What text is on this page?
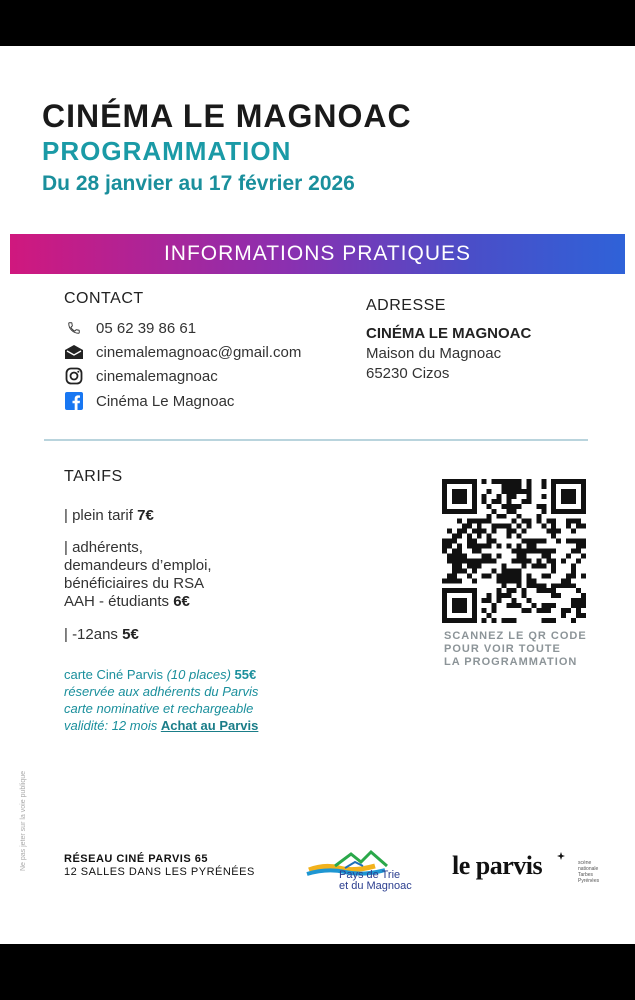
CINÉMA LE MAGNOAC
PROGRAMMATION
Du 28 janvier au 17 février 2026
INFORMATIONS PRATIQUES
CONTACT
05 62 39 86 61
cinemalemagnoac@gmail.com
cinemalemagnoac
Cinéma Le Magnoac
ADRESSE
CINÉMA LE MAGNOAC
Maison du Magnoac
65230 Cizos
TARIFS
| plein tarif 7€
| adhérents,
demandeurs d’emploi,
bénéficiaires du RSA
AAH - étudiants 6€
| -12ans 5€
carte Ciné Parvis (10 places) 55€
réservée aux adhérents du Parvis
carte nominative et rechargeable
validité: 12 mois Achat au Parvis
SCANNEZ LE QR CODE
POUR VOIR TOUTE
LA PROGRAMMATION
Ne pas jeter sur la voie publique	RÉSEAU CINÉ PARVIS 65
12 SALLES DANS LES PYRÉNÉES	Pays de Trie
et du Magnoac
le parvis	scène
nationale
Tarbes
Pyrénées
